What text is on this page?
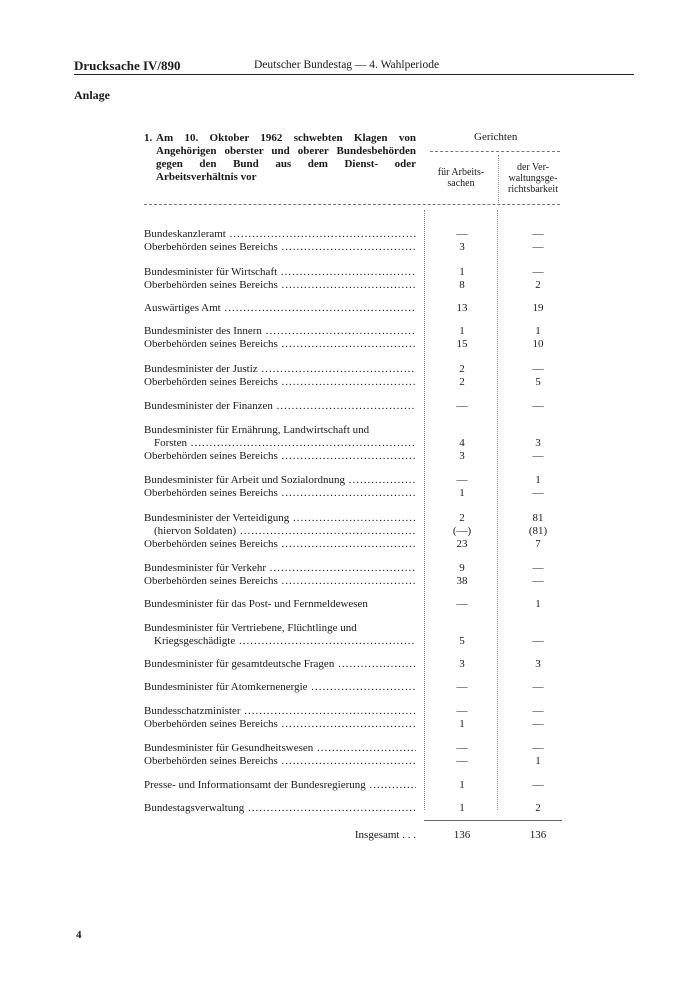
Drucksache IV/890	Deutscher Bundestag — 4. Wahlperiode
Anlage
1. Am 10. Oktober 1962 schwebten Klagen von Angehörigen oberster und oberer Bundesbehörden gegen den Bund aus dem Dienst- oder Arbeitsverhältnis vor
Gerichten
für Arbeits-
sachen
der Ver-
waltungsge-
richtsbarkeit
Bundeskanzleramt .....	—	—
Oberbehörden seines Bereichs .....	3	—
Bundesminister für Wirtschaft .....	1	—
Oberbehörden seines Bereichs .....	8	2
Auswärtiges Amt .....	13	19
Bundesminister des Innern .....	1	1
Oberbehörden seines Bereichs .....	15	10
Bundesminister der Justiz .....	2	—
Oberbehörden seines Bereichs .....	2	5
Bundesminister der Finanzen .....	—	—
Bundesminister für Ernährung, Landwirtschaft und
Forsten .....	4	3
Oberbehörden seines Bereichs .....	3	—
Bundesminister für Arbeit und Sozialordnung .....	—	1
Oberbehörden seines Bereichs .....	1	—
Bundesminister der Verteidigung .....	2	81
(hiervon Soldaten) .....	(—)	(81)
Oberbehörden seines Bereichs .....	23	7
Bundesminister für Verkehr .....	9	—
Oberbehörden seines Bereichs .....	38	—
Bundesminister für das Post- und Fernmeldewesen	—	1
Bundesminister für Vertriebene, Flüchtlinge und
Kriegsgeschädigte .....	5	—
Bundesminister für gesamtdeutsche Fragen .....	3	3
Bundesminister für Atomkernenergie .....	—	—
Bundesschatzminister .....	—	—
Oberbehörden seines Bereichs .....	1	—
Bundesminister für Gesundheitswesen .....	—	—
Oberbehörden seines Bereichs .....	—	1
Presse- und Informationsamt der Bundesregierung .....	1	—
Bundestagsverwaltung .....	1	2
Insgesamt . . .	136	136
4
